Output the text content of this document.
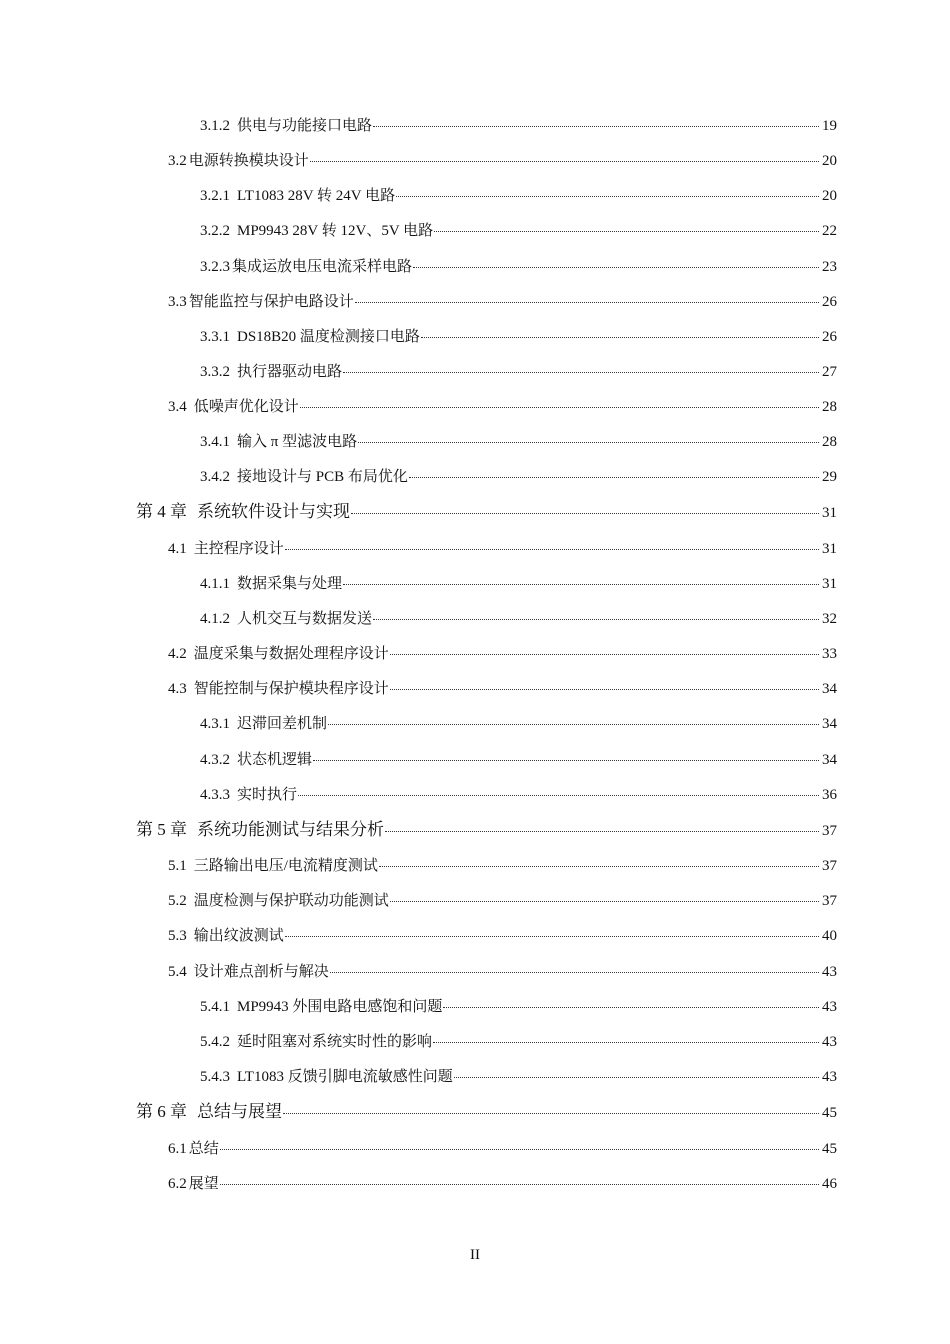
3.1.2 供电与功能接口电路	19
3.2 电源转换模块设计	20
3.2.1 LT1083 28V 转 24V 电路	20
3.2.2 MP9943 28V 转 12V、5V 电路	22
3.2.3 集成运放电压电流采样电路	23
3.3 智能监控与保护电路设计	26
3.3.1 DS18B20 温度检测接口电路	26
3.3.2 执行器驱动电路	27
3.4 低噪声优化设计	28
3.4.1 输入 π 型滤波电路	28
3.4.2 接地设计与 PCB 布局优化	29
第 4 章 系统软件设计与实现	31
4.1 主控程序设计	31
4.1.1 数据采集与处理	31
4.1.2 人机交互与数据发送	32
4.2 温度采集与数据处理程序设计	33
4.3 智能控制与保护模块程序设计	34
4.3.1 迟滞回差机制	34
4.3.2 状态机逻辑	34
4.3.3 实时执行	36
第 5 章 系统功能测试与结果分析	37
5.1 三路输出电压/电流精度测试	37
5.2 温度检测与保护联动功能测试	37
5.3 输出纹波测试	40
5.4 设计难点剖析与解决	43
5.4.1 MP9943 外围电路电感饱和问题	43
5.4.2 延时阻塞对系统实时性的影响	43
5.4.3 LT1083 反馈引脚电流敏感性问题	43
第 6 章 总结与展望	45
6.1 总结	45
6.2 展望	46
II
